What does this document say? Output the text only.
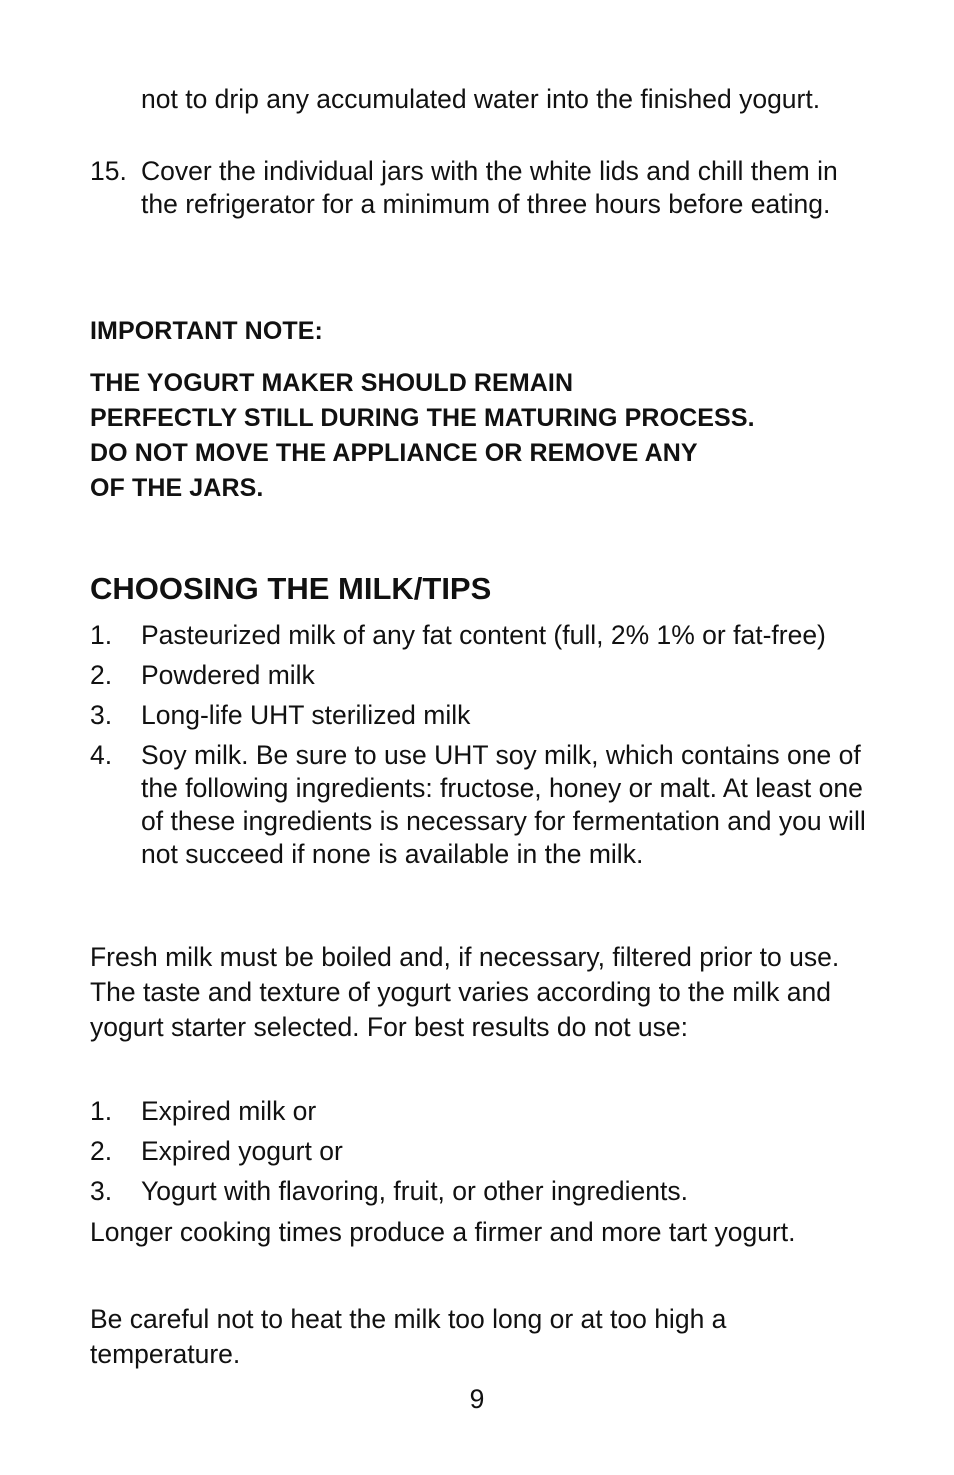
not to drip any accumulated water into the finished yogurt.
15. Cover the individual jars with the white lids and chill them in the refrigerator for a minimum of three hours before eating.
IMPORTANT NOTE:
THE YOGURT MAKER SHOULD REMAIN
PERFECTLY STILL DURING THE MATURING PROCESS.
DO NOT MOVE THE APPLIANCE OR REMOVE ANY
OF THE JARS.
CHOOSING THE MILK/TIPS
1. Pasteurized milk of any fat content (full, 2% 1% or fat-free)
2. Powdered milk
3. Long-life UHT sterilized milk
4. Soy milk. Be sure to use UHT soy milk, which contains one of the following ingredients: fructose, honey or malt. At least one of these ingredients is necessary for fermentation and you will not succeed if none is available in the milk.
Fresh milk must be boiled and, if necessary, filtered prior to use. The taste and texture of yogurt varies according to the milk and yogurt starter selected. For best results do not use:
1. Expired milk or
2. Expired yogurt or
3. Yogurt with flavoring, fruit, or other ingredients.
Longer cooking times produce a firmer and more tart yogurt.
Be careful not to heat the milk too long or at too high a temperature.
9
